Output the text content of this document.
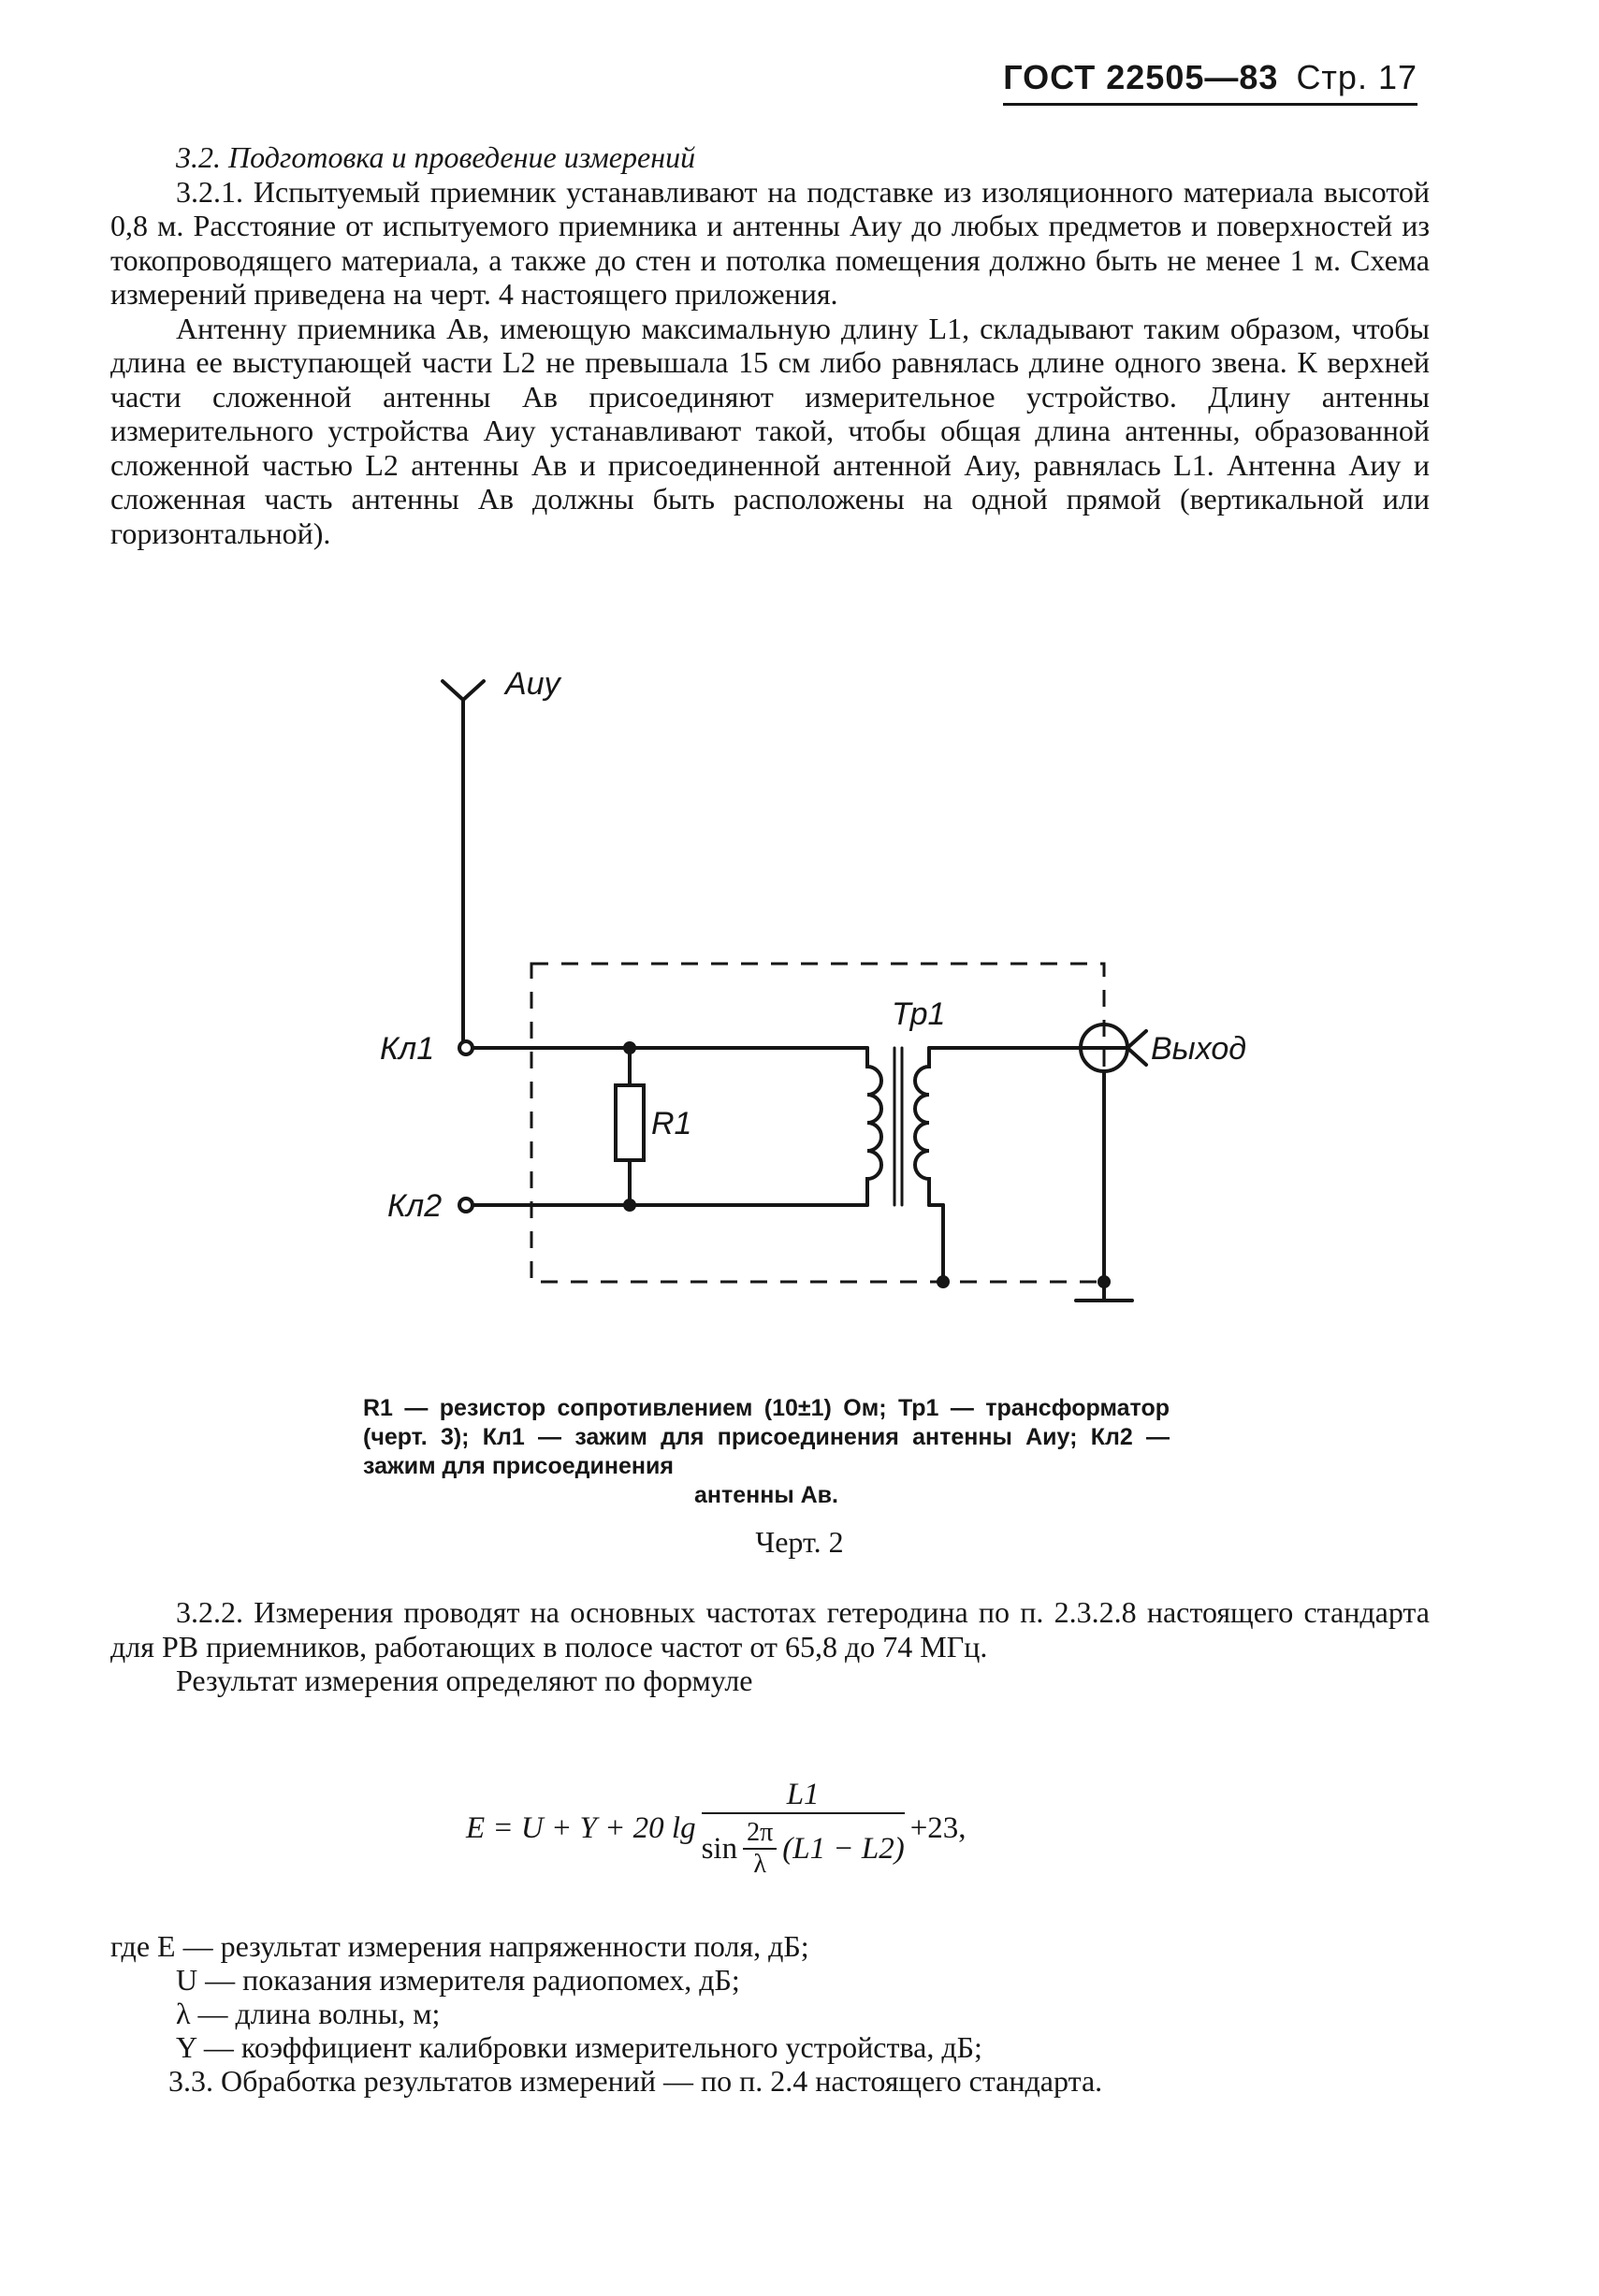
ГОСТ 22505—83 Стр. 17

3.2. Подготовка и проведение измерений

3.2.1. Испытуемый приемник устанавливают на подставке из изоляционного материала высотой 0,8 м. Расстояние от испытуемого приемника и антенны Aиу до любых предметов и поверхностей из токопроводящего материала, а также до стен и потолка помещения должно быть не менее 1 м. Схема измерений приведена на черт. 4 настоящего приложения.

Антенну приемника Aв, имеющую максимальную длину L1, складывают таким образом, чтобы длина ее выступающей части L2 не превышала 15 см либо равнялась длине одного звена. К верхней части сложенной антенны Aв присоединяют измерительное устройство. Длину антенны измерительного устройства Aиу устанавливают такой, чтобы общая длина антенны, образованной сложенной частью L2 антенны Aв и присоединенной антенной Aиу, равнялась L1. Антенна Aиу и сложенная часть антенны Aв должны быть расположены на одной прямой (вертикальной или горизонтальной).

Aиу
Тр1
R1
Кл1
Кл2
Выход
R1 — резистор сопротивлением (10±1) Ом; Тр1 — трансформатор (черт. 3); Кл1 — зажим для присоединения антенны Aиу; Кл2 — зажим для присоединения
антенны Aв.
Черт. 2

3.2.2. Измерения проводят на основных частотах гетеродина по п. 2.3.2.8 настоящего стандарта для РВ приемников, работающих в полосе частот от 65,8 до 74 МГц.

Результат измерения определяют по формуле

E = U + Y + 20 lg
L1
$\sin \frac{2\pi}{\lambda} (L1 - L2)$
+23,

где E — результат измерения напряженности поля, дБ;

U — показания измерителя радиопомех, дБ;

λ — длина волны, м;

Y — коэффициент калибровки измерительного устройства, дБ;

3.3. Обработка результатов измерений — по п. 2.4 настоящего стандарта.
